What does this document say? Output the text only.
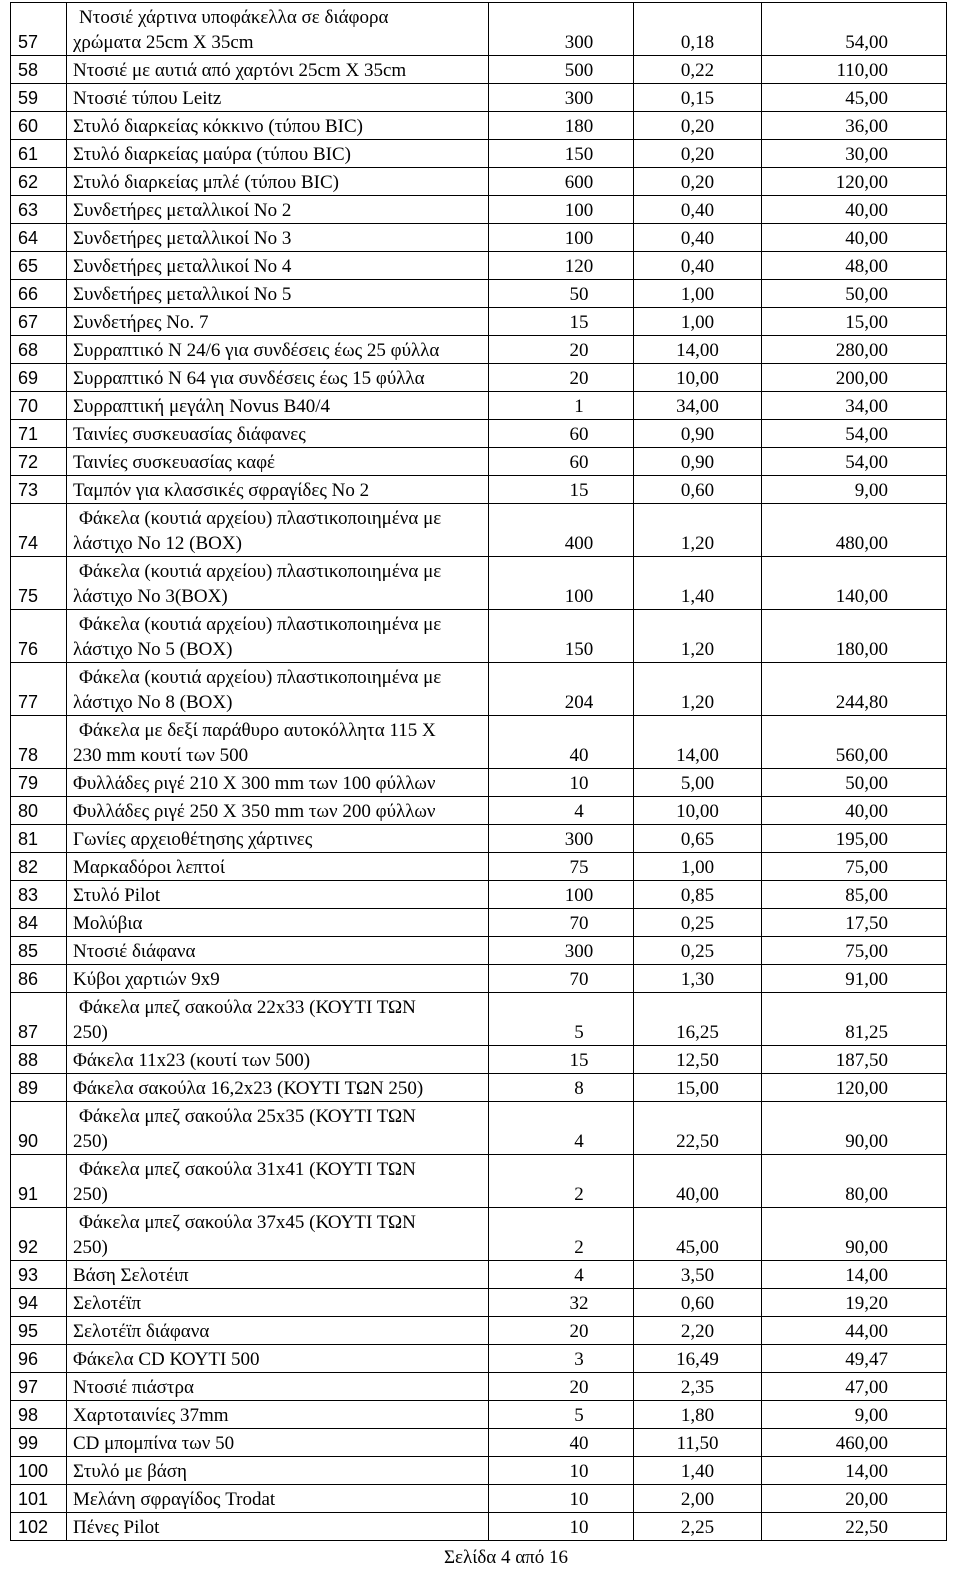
57	Ντοσιέ χάρτινα υποφάκελλα σε διάφορα
χρώματα 25cm Χ 35cm	300	0,18	54,00
58	Ντοσιέ με αυτιά από χαρτόνι 25cm Χ 35cm	500	0,22	110,00
59	Ντοσιέ τύπου Leitz	300	0,15	45,00
60	Στυλό διαρκείας κόκκινο (τύπου BIC)	180	0,20	36,00
61	Στυλό διαρκείας μαύρα (τύπου BIC)	150	0,20	30,00
62	Στυλό διαρκείας μπλέ (τύπου BIC)	600	0,20	120,00
63	Συνδετήρες μεταλλικοί Νο 2	100	0,40	40,00
64	Συνδετήρες μεταλλικοί Νο 3	100	0,40	40,00
65	Συνδετήρες μεταλλικοί Νο 4	120	0,40	48,00
66	Συνδετήρες μεταλλικοί Νο 5	50	1,00	50,00
67	Συνδετήρες Νο. 7	15	1,00	15,00
68	Συρραπτικό Ν 24/6 για συνδέσεις έως 25 φύλλα	20	14,00	280,00
69	Συρραπτικό Ν 64 για συνδέσεις έως 15 φύλλα	20	10,00	200,00
70	Συρραπτική μεγάλη Novus B40/4	1	34,00	34,00
71	Ταινίες συσκευασίας διάφανες	60	0,90	54,00
72	Ταινίες συσκευασίας καφέ	60	0,90	54,00
73	Ταμπόν για κλασσικές σφραγίδες Νο 2	15	0,60	9,00
74	Φάκελα (κουτιά αρχείου) πλαστικοποιημένα με
λάστιχο Νο 12 (BOX)	400	1,20	480,00
75	Φάκελα (κουτιά αρχείου) πλαστικοποιημένα με
λάστιχο Νο 3(BOX)	100	1,40	140,00
76	Φάκελα (κουτιά αρχείου) πλαστικοποιημένα με
λάστιχο Νο 5 (BOX)	150	1,20	180,00
77	Φάκελα (κουτιά αρχείου) πλαστικοποιημένα με
λάστιχο Νο 8 (BOX)	204	1,20	244,80
78	Φάκελα με δεξί παράθυρο αυτοκόλλητα 115 Χ
230 mm κουτί των 500	40	14,00	560,00
79	Φυλλάδες ριγέ 210 Χ 300 mm των 100 φύλλων	10	5,00	50,00
80	Φυλλάδες ριγέ 250 Χ 350 mm των 200 φύλλων	4	10,00	40,00
81	Γωνίες αρχειοθέτησης χάρτινες	300	0,65	195,00
82	Μαρκαδόροι λεπτοί	75	1,00	75,00
83	Στυλό Pilot	100	0,85	85,00
84	Μολύβια	70	0,25	17,50
85	Ντοσιέ διάφανα	300	0,25	75,00
86	Κύβοι χαρτιών 9x9	70	1,30	91,00
87	Φάκελα μπεζ σακούλα 22x33 (ΚΟΥΤΙ ΤΩΝ
250)	5	16,25	81,25
88	Φάκελα 11x23 (κουτί των 500)	15	12,50	187,50
89	Φάκελα σακούλα 16,2x23 (ΚΟΥΤΙ ΤΩΝ 250)	8	15,00	120,00
90	Φάκελα μπεζ σακούλα 25x35 (ΚΟΥΤΙ ΤΩΝ
250)	4	22,50	90,00
91	Φάκελα μπεζ σακούλα 31x41 (ΚΟΥΤΙ ΤΩΝ
250)	2	40,00	80,00
92	Φάκελα μπεζ σακούλα 37x45 (ΚΟΥΤΙ ΤΩΝ
250)	2	45,00	90,00
93	Βάση Σελοτέιπ	4	3,50	14,00
94	Σελοτέϊπ	32	0,60	19,20
95	Σελοτέϊπ διάφανα	20	2,20	44,00
96	Φάκελα CD ΚΟΥΤΙ 500	3	16,49	49,47
97	Ντοσιέ πιάστρα	20	2,35	47,00
98	Χαρτοταινίες 37mm	5	1,80	9,00
99	CD μπομπίνα των 50	40	11,50	460,00
100	Στυλό με βάση	10	1,40	14,00
101	Μελάνη σφραγίδος Trodat	10	2,00	20,00
102	Πένες Pilot	10	2,25	22,50
Σελίδα 4 από 16
